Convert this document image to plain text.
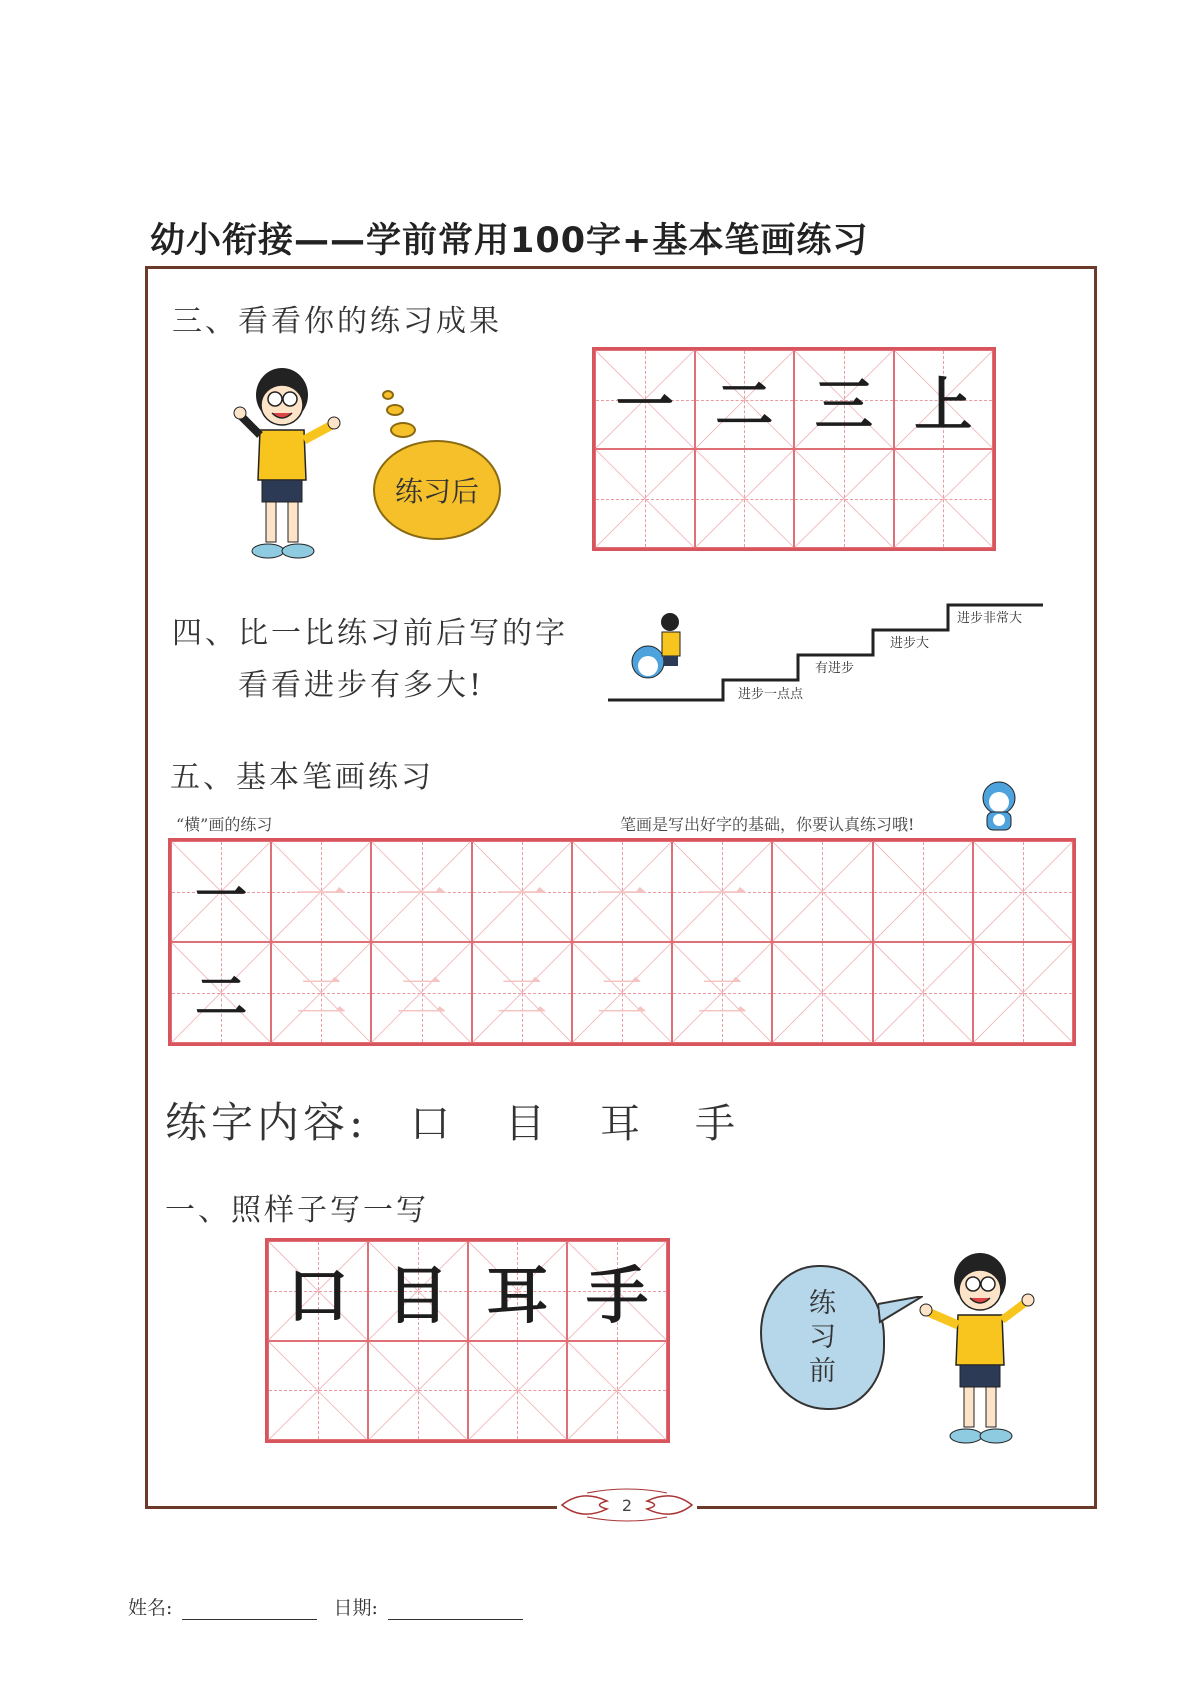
幼小衔接——学前常用100字+基本笔画练习
三、看看你的练习成果
练习后
一 二 三 上
四、比一比练习前后写的字
看看进步有多大!	进步一点点
有进步
进步大
进步非常大
五、基本笔画练习
“横”画的练习	笔画是写出好字的基础，你要认真练习哦!
一 一 一 一 一 一
二 二 二 二 二 二
练字内容: 口 目 耳 手
一、照样子写一写
口 目 耳 手	练
习
前
2
姓名:	日期:
